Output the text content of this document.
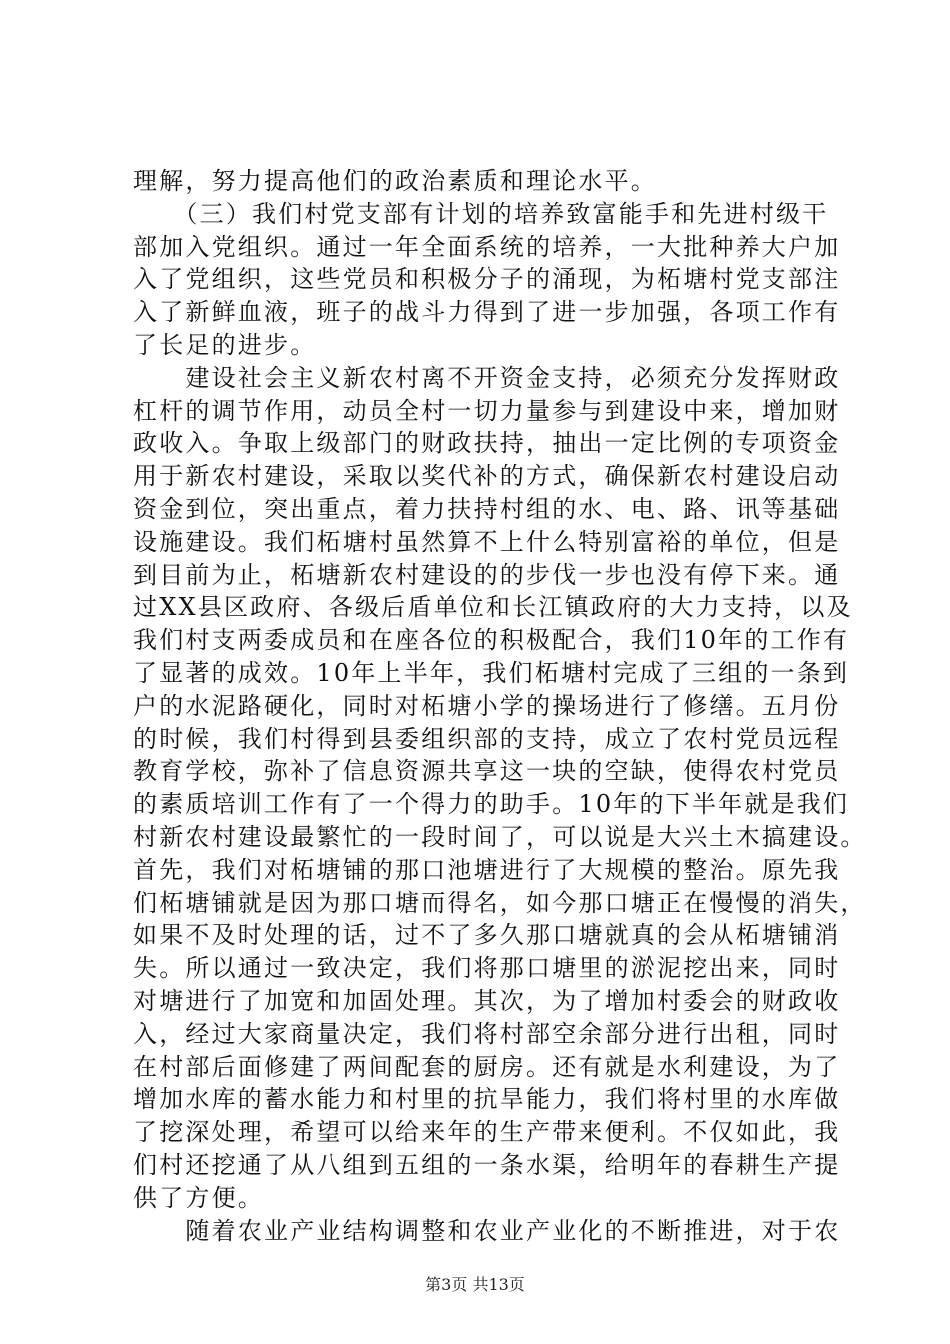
理解，努力提高他们的政治素质和理论水平。
　　（三）我们村党支部有计划的培养致富能手和先进村级干
部加入党组织。通过一年全面系统的培养，一大批种养大户加
入了党组织，这些党员和积极分子的涌现，为柘塘村党支部注
入了新鲜血液，班子的战斗力得到了进一步加强，各项工作有
了长足的进步。
　　建设社会主义新农村离不开资金支持，必须充分发挥财政
杠杆的调节作用，动员全村一切力量参与到建设中来，增加财
政收入。争取上级部门的财政扶持，抽出一定比例的专项资金
用于新农村建设，采取以奖代补的方式，确保新农村建设启动
资金到位，突出重点，着力扶持村组的水、电、路、讯等基础
设施建设。我们柘塘村虽然算不上什么特别富裕的单位，但是
到目前为止，柘塘新农村建设的的步伐一步也没有停下来。通
过XX县区政府、各级后盾单位和长江镇政府的大力支持，以及
我们村支两委成员和在座各位的积极配合，我们10年的工作有
了显著的成效。10年上半年，我们柘塘村完成了三组的一条到
户的水泥路硬化，同时对柘塘小学的操场进行了修缮。五月份
的时候，我们村得到县委组织部的支持，成立了农村党员远程
教育学校，弥补了信息资源共享这一块的空缺，使得农村党员
的素质培训工作有了一个得力的助手。10年的下半年就是我们
村新农村建设最繁忙的一段时间了，可以说是大兴土木搞建设。
首先，我们对柘塘铺的那口池塘进行了大规模的整治。原先我
们柘塘铺就是因为那口塘而得名，如今那口塘正在慢慢的消失，
如果不及时处理的话，过不了多久那口塘就真的会从柘塘铺消
失。所以通过一致决定，我们将那口塘里的淤泥挖出来，同时
对塘进行了加宽和加固处理。其次，为了增加村委会的财政收
入，经过大家商量决定，我们将村部空余部分进行出租，同时
在村部后面修建了两间配套的厨房。还有就是水利建设，为了
增加水库的蓄水能力和村里的抗旱能力，我们将村里的水库做
了挖深处理，希望可以给来年的生产带来便利。不仅如此，我
们村还挖通了从八组到五组的一条水渠，给明年的春耕生产提
供了方便。
　　随着农业产业结构调整和农业产业化的不断推进，对于农
第3页 共13页
